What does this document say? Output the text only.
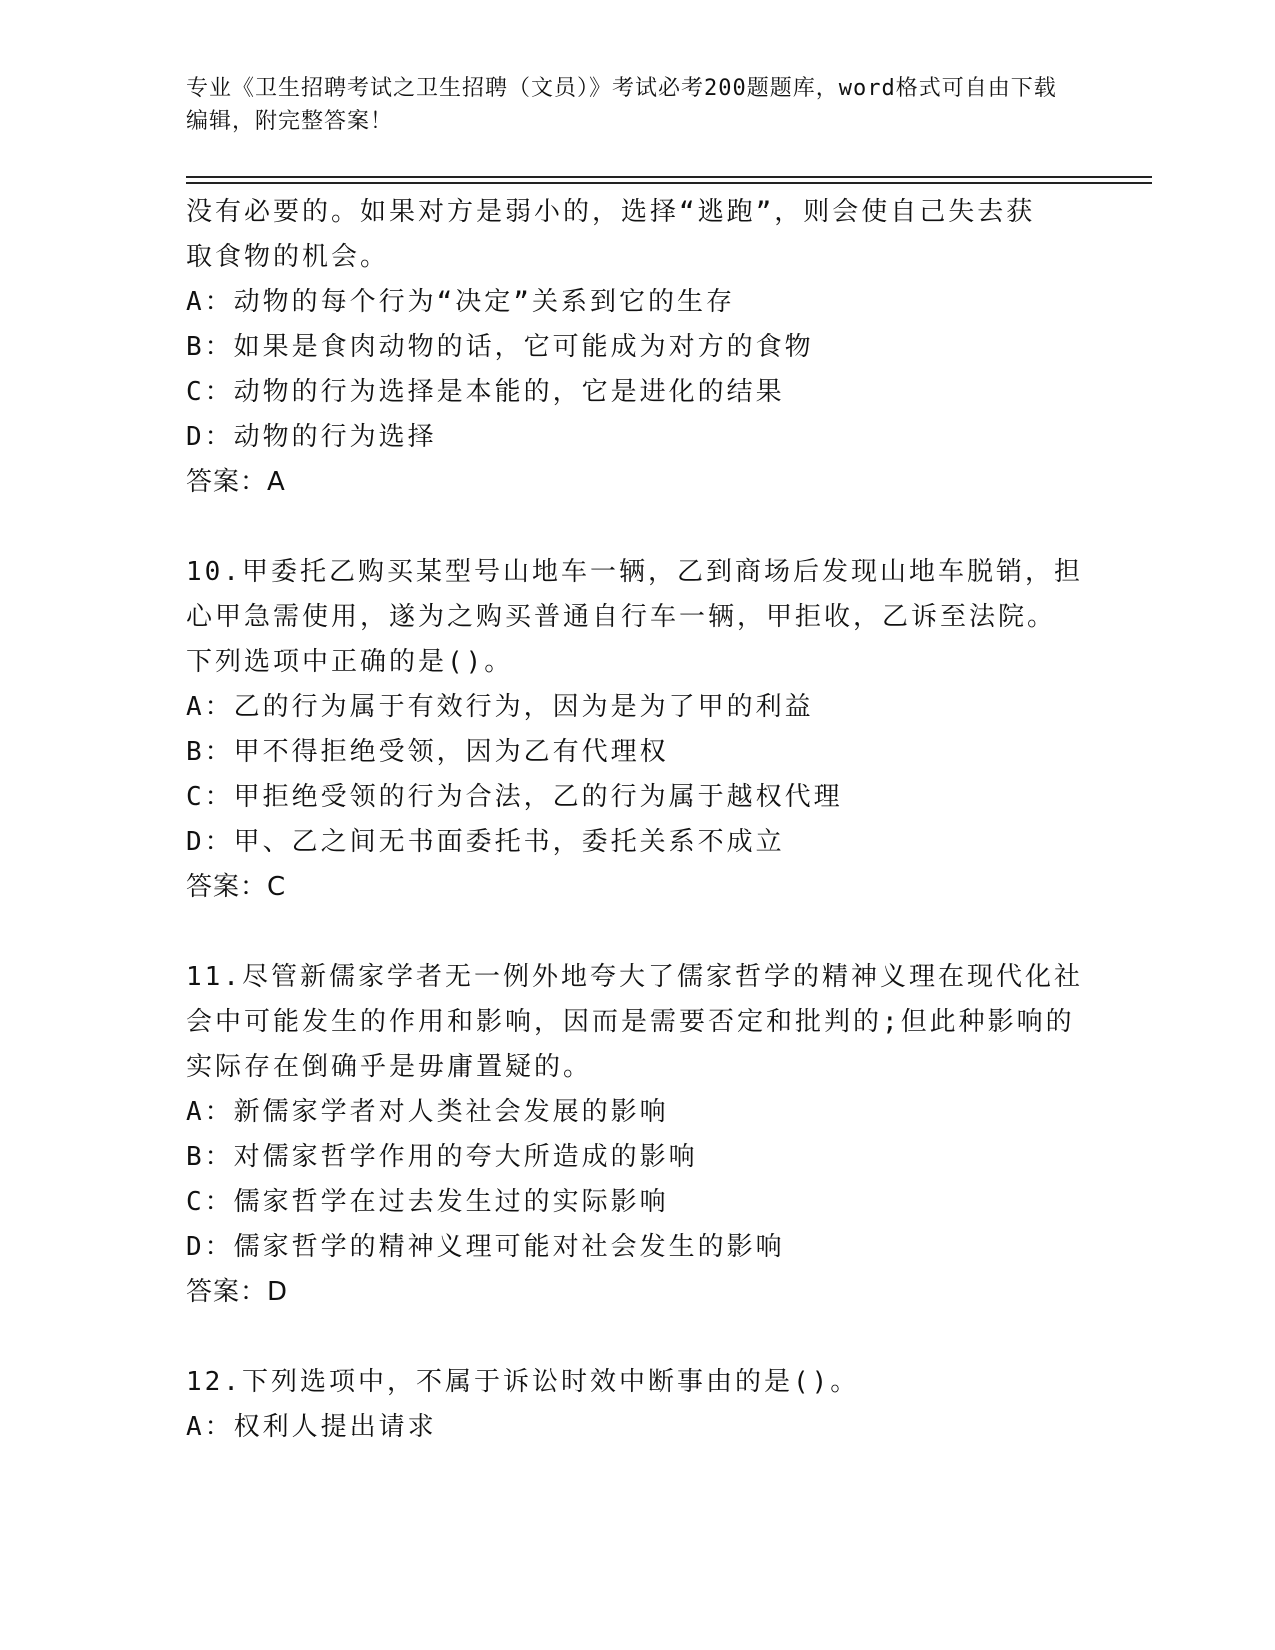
专业《卫生招聘考试之卫生招聘（文员）》考试必考200题题库，word格式可自由下载编辑，附完整答案！

没有必要的。如果对方是弱小的，选择“逃跑”，则会使自己失去获

取食物的机会。

A：动物的每个行为“决定”关系到它的生存

B：如果是食肉动物的话，它可能成为对方的食物

C：动物的行为选择是本能的，它是进化的结果

D：动物的行为选择

答案：A

10.甲委托乙购买某型号山地车一辆，乙到商场后发现山地车脱销，担

心甲急需使用，遂为之购买普通自行车一辆，甲拒收，乙诉至法院。

下列选项中正确的是()。

A：乙的行为属于有效行为，因为是为了甲的利益

B：甲不得拒绝受领，因为乙有代理权

C：甲拒绝受领的行为合法，乙的行为属于越权代理

D：甲、乙之间无书面委托书，委托关系不成立

答案：C

11.尽管新儒家学者无一例外地夸大了儒家哲学的精神义理在现代化社

会中可能发生的作用和影响，因而是需要否定和批判的;但此种影响的

实际存在倒确乎是毋庸置疑的。

A：新儒家学者对人类社会发展的影响

B：对儒家哲学作用的夸大所造成的影响

C：儒家哲学在过去发生过的实际影响

D：儒家哲学的精神义理可能对社会发生的影响

答案：D

12.下列选项中，不属于诉讼时效中断事由的是()。

A：权利人提出请求
